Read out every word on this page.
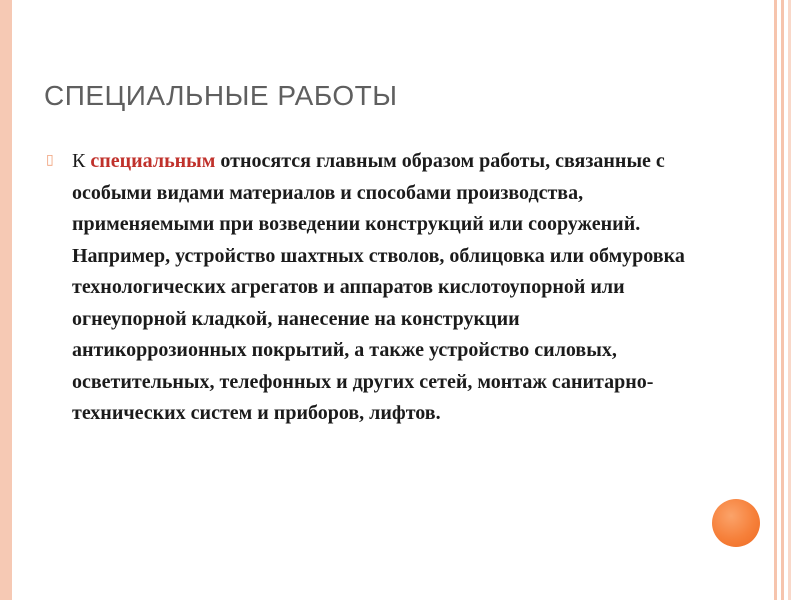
СПЕЦИАЛЬНЫЕ РАБОТЫ
▯ К специальным относятся главным образом работы, связанные с особыми видами материалов и способами производства, применяемыми при возведении конструкций или сооружений. Например, устройство шахтных стволов, облицовка или обмуровка технологических агрегатов и аппаратов кислотоупорной или огнеупорной кладкой, нанесение на конструкции антикоррозионных покрытий, а также устройство силовых, осветительных, телефонных и других сетей, монтаж санитарно-технических систем и приборов, лифтов.
